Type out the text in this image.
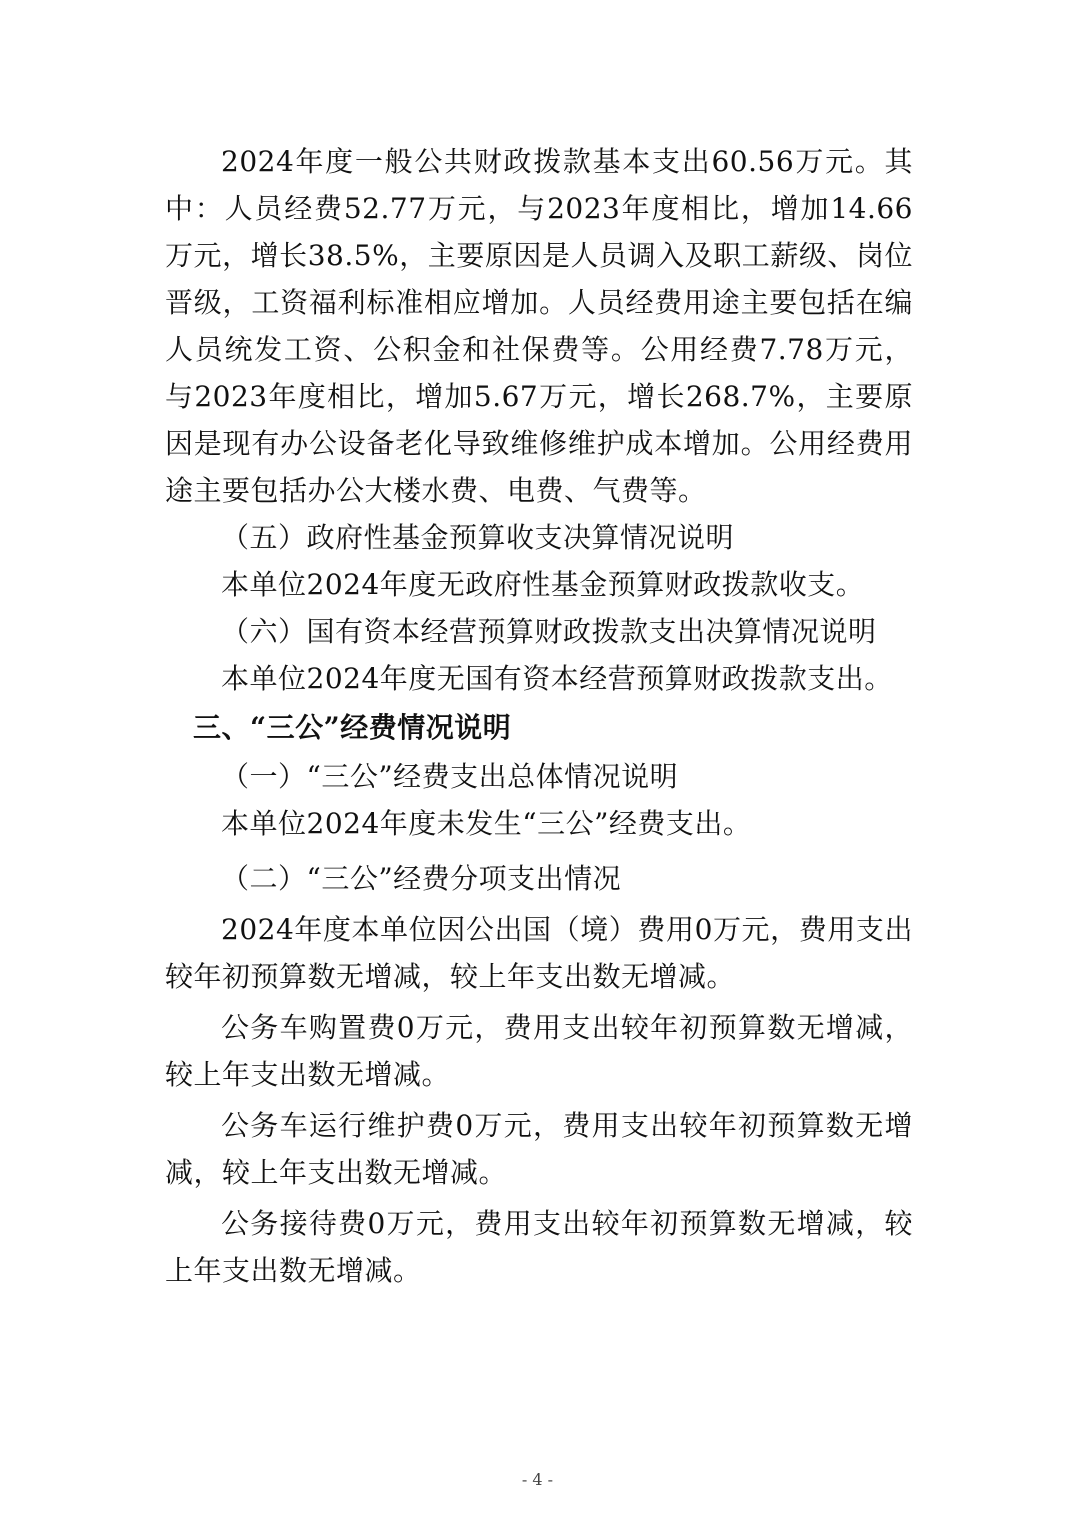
2024年度一般公共财政拨款基本支出60.56万元。其中：人员经费52.77万元，与2023年度相比，增加14.66万元，增长38.5%，主要原因是人员调入及职工薪级、岗位晋级，工资福利标准相应增加。人员经费用途主要包括在编人员统发工资、公积金和社保费等。公用经费7.78万元，与2023年度相比，增加5.67万元，增长268.7%，主要原因是现有办公设备老化导致维修维护成本增加。公用经费用途主要包括办公大楼水费、电费、气费等。

（五）政府性基金预算收支决算情况说明

本单位2024年度无政府性基金预算财政拨款收支。

（六）国有资本经营预算财政拨款支出决算情况说明

本单位2024年度无国有资本经营预算财政拨款支出。

三、“三公”经费情况说明

（一）“三公”经费支出总体情况说明

本单位2024年度未发生“三公”经费支出。

（二）“三公”经费分项支出情况

2024年度本单位因公出国（境）费用0万元，费用支出较年初预算数无增减，较上年支出数无增减。

公务车购置费0万元，费用支出较年初预算数无增减，较上年支出数无增减。

公务车运行维护费0万元，费用支出较年初预算数无增减，较上年支出数无增减。

公务接待费0万元，费用支出较年初预算数无增减，较上年支出数无增减。

- 4 -
